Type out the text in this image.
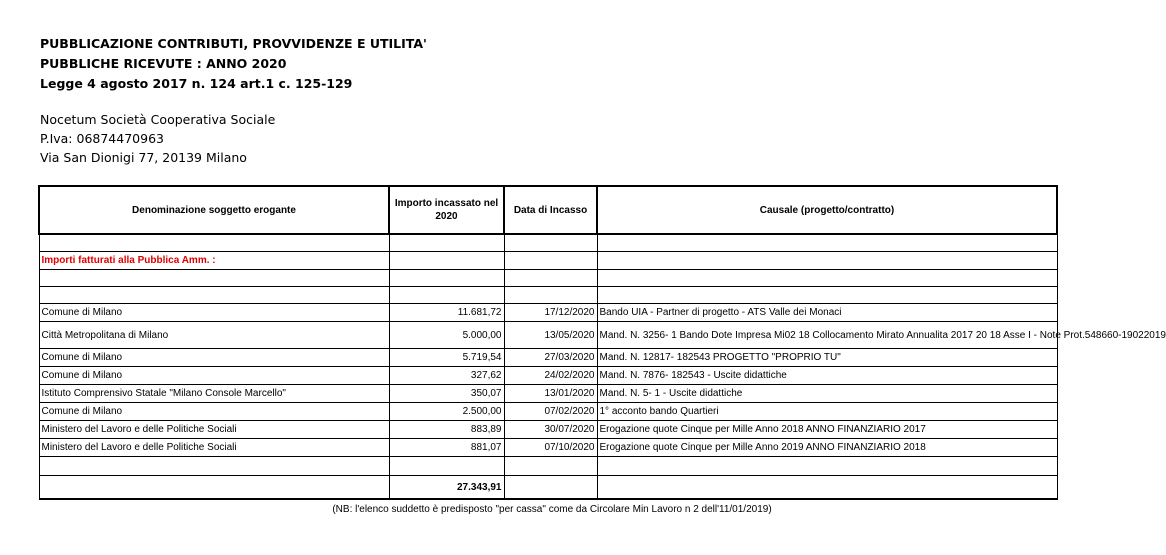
PUBBLICAZIONE CONTRIBUTI, PROVVIDENZE E UTILITA'
PUBBLICHE RICEVUTE : ANNO 2020
Legge 4 agosto 2017 n. 124 art.1 c. 125-129
Nocetum Società Cooperativa Sociale
P.Iva: 06874470963
Via San Dionigi 77, 20139 Milano
Denominazione soggetto erogante	Importo incassato nel 2020	Data di Incasso	Causale (progetto/contratto)

Importi fatturati alla Pubblica Amm. :			

Comune di Milano	11.681,72	17/12/2020	Bando UIA - Partner di progetto - ATS Valle dei Monaci
Città Metropolitana di Milano	5.000,00	13/05/2020	Mand. N. 3256- 1 Bando Dote Impresa Mi02 18 Collocamento Mirato Annualita 2017 20 18 Asse I - Note Prot.548660-19022019
Comune di Milano	5.719,54	27/03/2020	Mand. N. 12817- 182543 PROGETTO "PROPRIO TU"
Comune di Milano	327,62	24/02/2020	Mand. N. 7876- 182543 - Uscite didattiche
Istituto Comprensivo Statale "Milano Console Marcello"	350,07	13/01/2020	Mand. N. 5- 1 - Uscite didattiche
Comune di Milano	2.500,00	07/02/2020	1° acconto bando Quartieri
Ministero del Lavoro e delle Politiche Sociali	883,89	30/07/2020	Erogazione quote Cinque per Mille Anno 2018 ANNO FINANZIARIO 2017
Ministero del Lavoro e delle Politiche Sociali	881,07	07/10/2020	Erogazione quote Cinque per Mille Anno 2019 ANNO FINANZIARIO 2018

	27.343,91		
(NB: l'elenco suddetto è predisposto "per cassa" come da Circolare Min Lavoro n 2 dell'11/01/2019)
